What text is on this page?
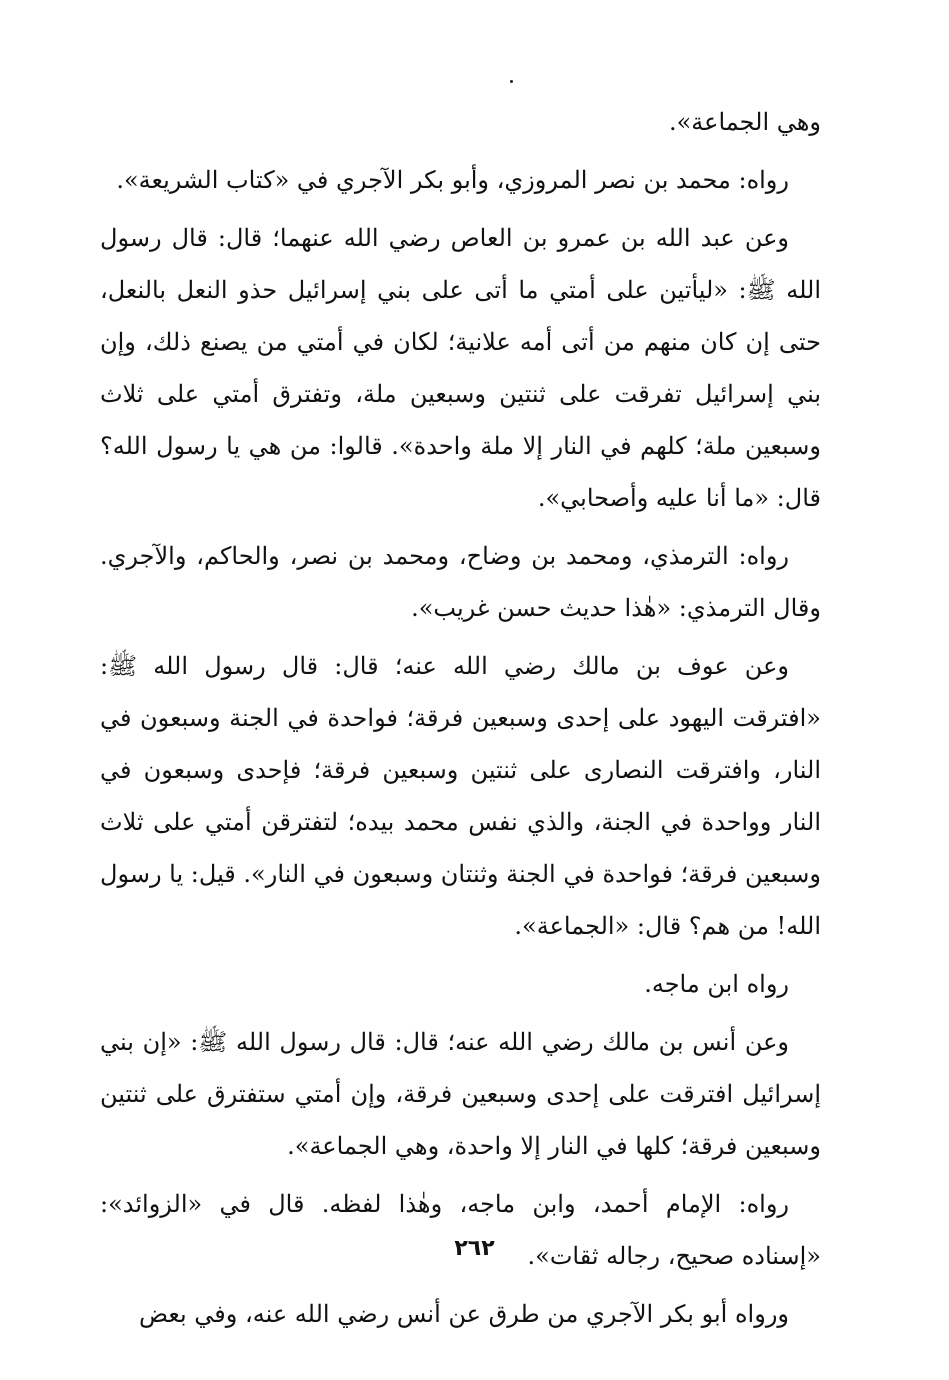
وهي الجماعة».

رواه: محمد بن نصر المروزي، وأبو بكر الآجري في «كتاب الشريعة».

وعن عبد الله بن عمرو بن العاص رضي الله عنهما؛ قال: قال رسول الله ﷺ: «ليأتين على أمتي ما أتى على بني إسرائيل حذو النعل بالنعل، حتى إن كان منهم من أتى أمه علانية؛ لكان في أمتي من يصنع ذلك، وإن بني إسرائيل تفرقت على ثنتين وسبعين ملة، وتفترق أمتي على ثلاث وسبعين ملة؛ كلهم في النار إلا ملة واحدة». قالوا: من هي يا رسول الله؟ قال: «ما أنا عليه وأصحابي».

رواه: الترمذي، ومحمد بن وضاح، ومحمد بن نصر، والحاكم، والآجري. وقال الترمذي: «هٰذا حديث حسن غريب».

وعن عوف بن مالك رضي الله عنه؛ قال: قال رسول الله ﷺ: «افترقت اليهود على إحدى وسبعين فرقة؛ فواحدة في الجنة وسبعون في النار، وافترقت النصارى على ثنتين وسبعين فرقة؛ فإحدى وسبعون في النار وواحدة في الجنة، والذي نفس محمد بيده؛ لتفترقن أمتي على ثلاث وسبعين فرقة؛ فواحدة في الجنة وثنتان وسبعون في النار». قيل: يا رسول الله! من هم؟ قال: «الجماعة».

رواه ابن ماجه.

وعن أنس بن مالك رضي الله عنه؛ قال: قال رسول الله ﷺ: «إن بني إسرائيل افترقت على إحدى وسبعين فرقة، وإن أمتي ستفترق على ثنتين وسبعين فرقة؛ كلها في النار إلا واحدة، وهي الجماعة».

رواه: الإمام أحمد، وابن ماجه، وهٰذا لفظه. قال في «الزوائد»: «إسناده صحيح، رجاله ثقات».

ورواه أبو بكر الآجري من طرق عن أنس رضي الله عنه، وفي بعض

٢٦٢
